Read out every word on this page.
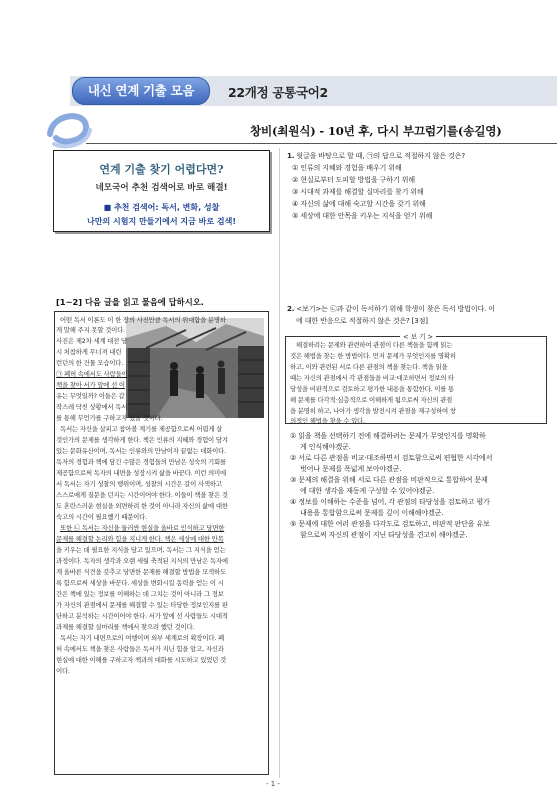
내신 연계 기출 모음	22개정 공통국어2
창비(최원식) - 10년 후, 다시 부끄럼기를(송길영)
연계 기출 찾기 어렵다면?
네모국어 추천 검색어로 바로 해결!
■ 추천 검색어: 독서, 변화, 성찰
나만의 시험지 만들기에서 지금 바로 검색!
[1~2] 다음 글을 읽고 물음에 답하시오.
어떤 독서 이론도 이 한 장의 사진만큼 독서의 위대함을 분명하
게 말해 주지 못할 것이다.
사진은 제2차 세계 대전 당
시 처참하게 무너져 내린
런던의 한 건물 모습이다.
㉠ 폐허 속에서도 사람들이
책을 찾아 서가 앞에 선 이
유는 무엇일까? 이들은 갑
작스레 닥친 상황에서 독서
를 통해 무언가를 구하고자 했을 것이다.
독서는 자신을 살피고 참아볼 계기를 제공함으로써 어렵게 살
것인가의 문제를 생각하게 한다. 책은 인류의 지혜와 경험이 담겨
있는 문화유산이며, 독서는 인류와의 만남이자 끝없는 대화이다.
독자의 경험과 책에 담긴 수많은 경험들의 만남은 성숙의 기회를
제공함으로써 독자의 내면을 성장시켜 삶을 바꾼다. 이런 의미에
서 독서는 자기 성찰의 행위이며, 성찰의 시간은 갈이 사색하고
스스로에게 질문을 던지는 시간이어야 한다. 이들이 책을 찾은 것
도 혼란스러운 현실을 외면하려 한 것이 아니라 자신의 삶에 대한
숙고의 시간이 필요했기 때문이다.
또한 ㉡ 독서는 자신을 둘러싼 현실을 올바로 인식하고 당면한
문제를 해결할 논리와 힘을 지니게 한다. 책은 세상에 대한 안목
을 키우는 데 필요한 지식을 담고 있으며, 독서는 그 지식을 얻는
과정이다. 독자의 생각과 오랜 세월 축적된 지식의 만남은 독자에
게 올바른 식견을 갖추고 당면한 문제를 해결할 방법을 모색하도
록 함으로써 세상을 바꾼다. 세상을 변화시킬 동력을 얻는 이 시
간은 책에 있는 정보를 이해하는 데 그치는 것이 아니라 그 정보
가 자신의 관점에서 문제를 해결할 수 있는 타당한 정보인지를 판
단하고 분석하는 시간이어야 한다. 서가 앞에 선 사람들도 시대적
과제를 해결할 실마리를 책에서 찾으려 했던 것이다.
독서는 자기 내면으로의 여행이며 외부 세계로의 확장이다. 폐
허 속에서도 책을 찾은 사람들은 독서가 지닌 힘을 알고, 자신과
현실에 대한 이해를 구하고자 책과의 대화를 시도하고 있었던 것
이다.
1. 윗글을 바탕으로 할 때, ㉠의 답으로 적절하지 않은 것은?
① 인류의 지혜와 경험을 배우기 위해
② 현실로부터 도피할 방법을 구하기 위해
③ 시대적 과제를 해결할 실마리를 찾기 위해
④ 자신의 삶에 대해 숙고할 시간을 갖기 위해
⑤ 세상에 대한 안목을 키우는 지식을 얻기 위해
2. <보기>는 ㉡과 같이 독서하기 위해 학생이 찾은 독서 방법이다. 이
에 대한 반응으로 적절하지 않은 것은? [3점]
< 보 기 >
해결하려는 문제와 관련하여 관점이 다른 책들을 함께 읽는
것은 해법을 찾는 한 방법이다. 먼저 문제가 무엇인지를 명확히
하고, 이와 관련된 서로 다른 관점의 책을 찾는다. 책을 읽을
때는 자신의 관점에서 각 관점들을 비교·대조하면서 정보의 타
당성을 비판적으로 검토하고 평가한 내용을 통합한다. 이를 통
해 문제를 다각적·심층적으로 이해하게 됨으로써 자신의 관점
을 분명히 하고, 나아가 생각을 발전시켜 관점을 재구성하여 창
의적인 해법을 찾을 수 있다.
① 읽을 책을 선택하기 전에 해결하려는 문제가 무엇인지를 명확하
게 인식해야겠군.
② 서로 다른 관점을 비교·대조하면서 검토함으로써 편협한 시각에서
벗어나 문제를 폭넓게 보아야겠군.
③ 문제의 해결을 위해 서로 다른 관점을 비판적으로 통합하여 문제
에 대한 생각을 재동게 구성할 수 있어야겠군.
④ 정보를 이해하는 수준을 넘어, 각 관점의 타당성을 검토하고 평가
내용을 통합함으로써 문제를 깊이 이해해야겠군.
⑤ 문제에 대한 여러 관점을 다각도로 검토하고, 비판적 판단을 유보
함으로써 자신의 관점이 지닌 타당성을 견고히 해야겠군.
- 1 -
